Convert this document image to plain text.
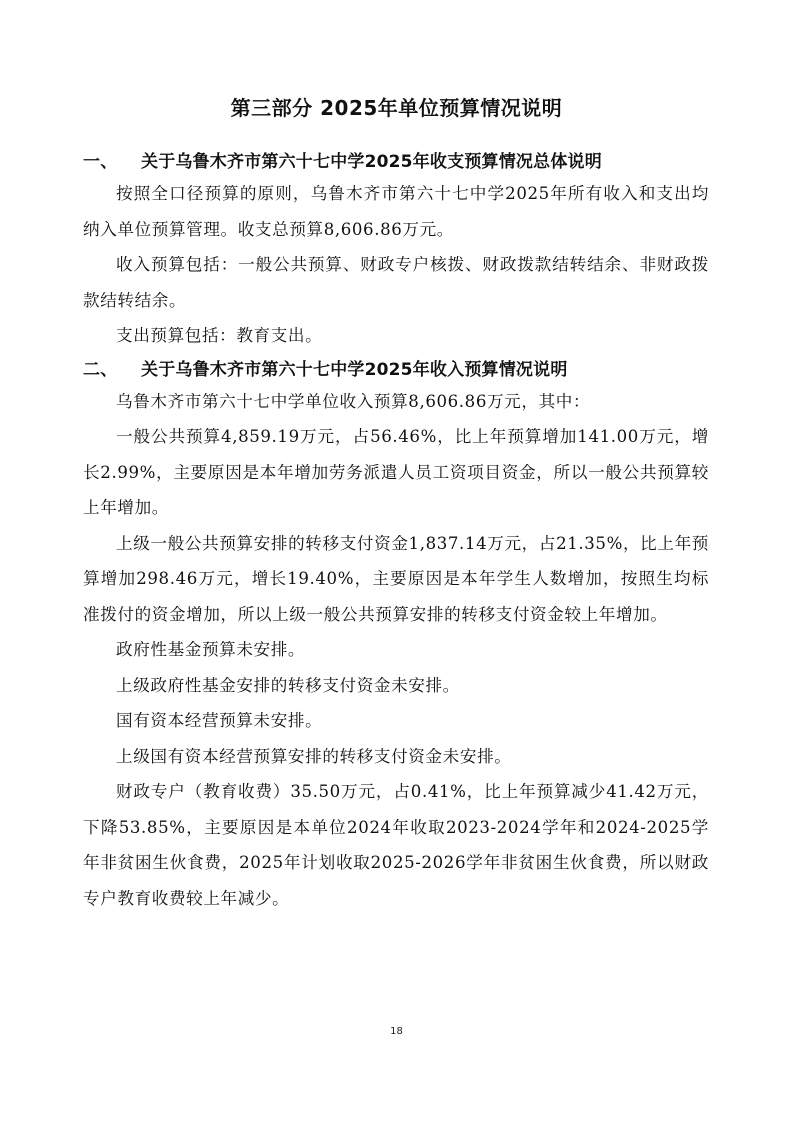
第三部分 2025年单位预算情况说明
一、 关于乌鲁木齐市第六十七中学2025年收支预算情况总体说明

按照全口径预算的原则，乌鲁木齐市第六十七中学2025年所有收入和支出均纳入单位预算管理。收支总预算8,606.86万元。

收入预算包括：一般公共预算、财政专户核拨、财政拨款结转结余、非财政拨款结转结余。

支出预算包括：教育支出。

二、 关于乌鲁木齐市第六十七中学2025年收入预算情况说明

乌鲁木齐市第六十七中学单位收入预算8,606.86万元，其中：

一般公共预算4,859.19万元，占56.46%，比上年预算增加141.00万元，增长2.99%，主要原因是本年增加劳务派遣人员工资项目资金，所以一般公共预算较上年增加。

上级一般公共预算安排的转移支付资金1,837.14万元，占21.35%，比上年预算增加298.46万元，增长19.40%，主要原因是本年学生人数增加，按照生均标准拨付的资金增加，所以上级一般公共预算安排的转移支付资金较上年增加。

政府性基金预算未安排。

上级政府性基金安排的转移支付资金未安排。

国有资本经营预算未安排。

上级国有资本经营预算安排的转移支付资金未安排。

财政专户（教育收费）35.50万元，占0.41%，比上年预算减少41.42万元，下降53.85%，主要原因是本单位2024年收取2023-2024学年和2024-2025学年非贫困生伙食费，2025年计划收取2025-2026学年非贫困生伙食费，所以财政专户教育收费较上年减少。

18
